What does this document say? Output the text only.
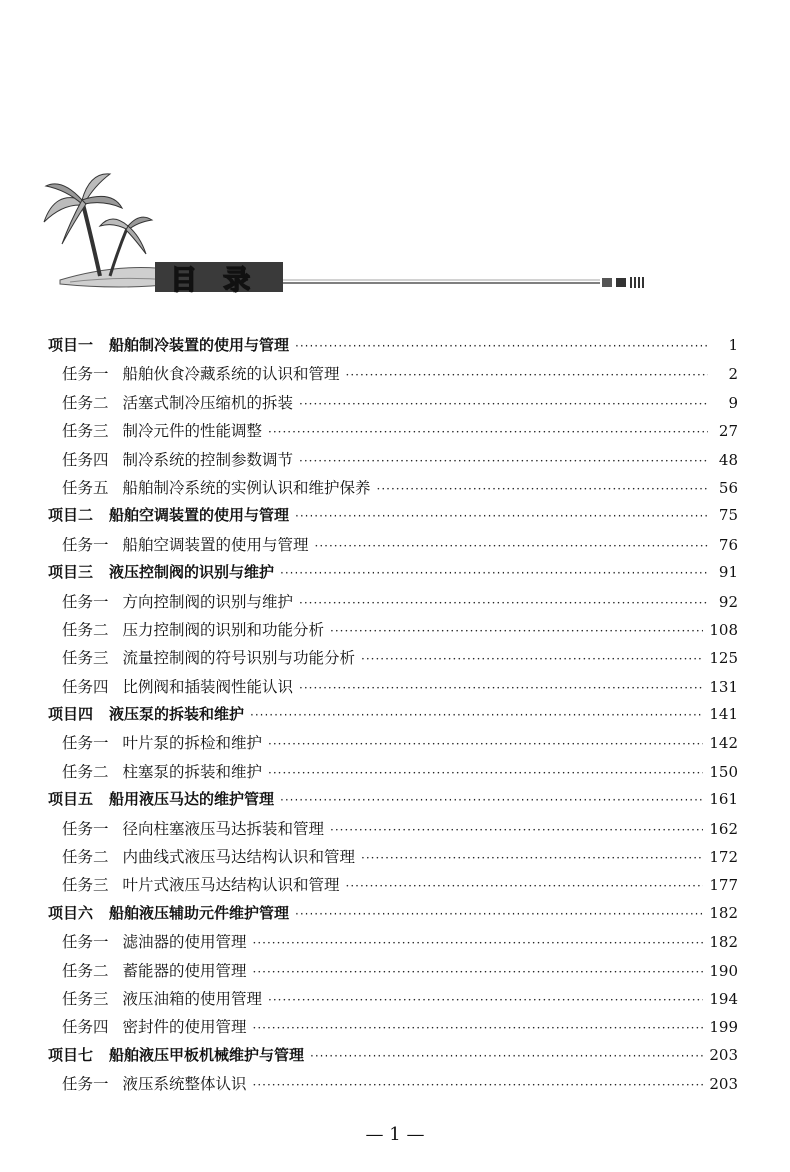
目录
项目一 船舶制冷装置的使用与管理 ·····	1
任务一 船舶伙食冷藏系统的认识和管理 ·····	2
任务二 活塞式制冷压缩机的拆装 ·····	9
任务三 制冷元件的性能调整 ·····	27
任务四 制冷系统的控制参数调节 ·····	48
任务五 船舶制冷系统的实例认识和维护保养 ·····	56
项目二 船舶空调装置的使用与管理 ·····	75
任务一 船舶空调装置的使用与管理 ·····	76
项目三 液压控制阀的识别与维护 ·····	91
任务一 方向控制阀的识别与维护 ·····	92
任务二 压力控制阀的识别和功能分析 ·····	108
任务三 流量控制阀的符号识别与功能分析 ·····	125
任务四 比例阀和插装阀性能认识 ·····	131
项目四 液压泵的拆装和维护 ·····	141
任务一 叶片泵的拆检和维护 ·····	142
任务二 柱塞泵的拆装和维护 ·····	150
项目五 船用液压马达的维护管理 ·····	161
任务一 径向柱塞液压马达拆装和管理 ·····	162
任务二 内曲线式液压马达结构认识和管理 ·····	172
任务三 叶片式液压马达结构认识和管理 ·····	177
项目六 船舶液压辅助元件维护管理 ·····	182
任务一 滤油器的使用管理 ·····	182
任务二 蓄能器的使用管理 ·····	190
任务三 液压油箱的使用管理 ·····	194
任务四 密封件的使用管理 ·····	199
项目七 船舶液压甲板机械维护与管理 ·····	203
任务一 液压系统整体认识 ·····	203
— 1 —
